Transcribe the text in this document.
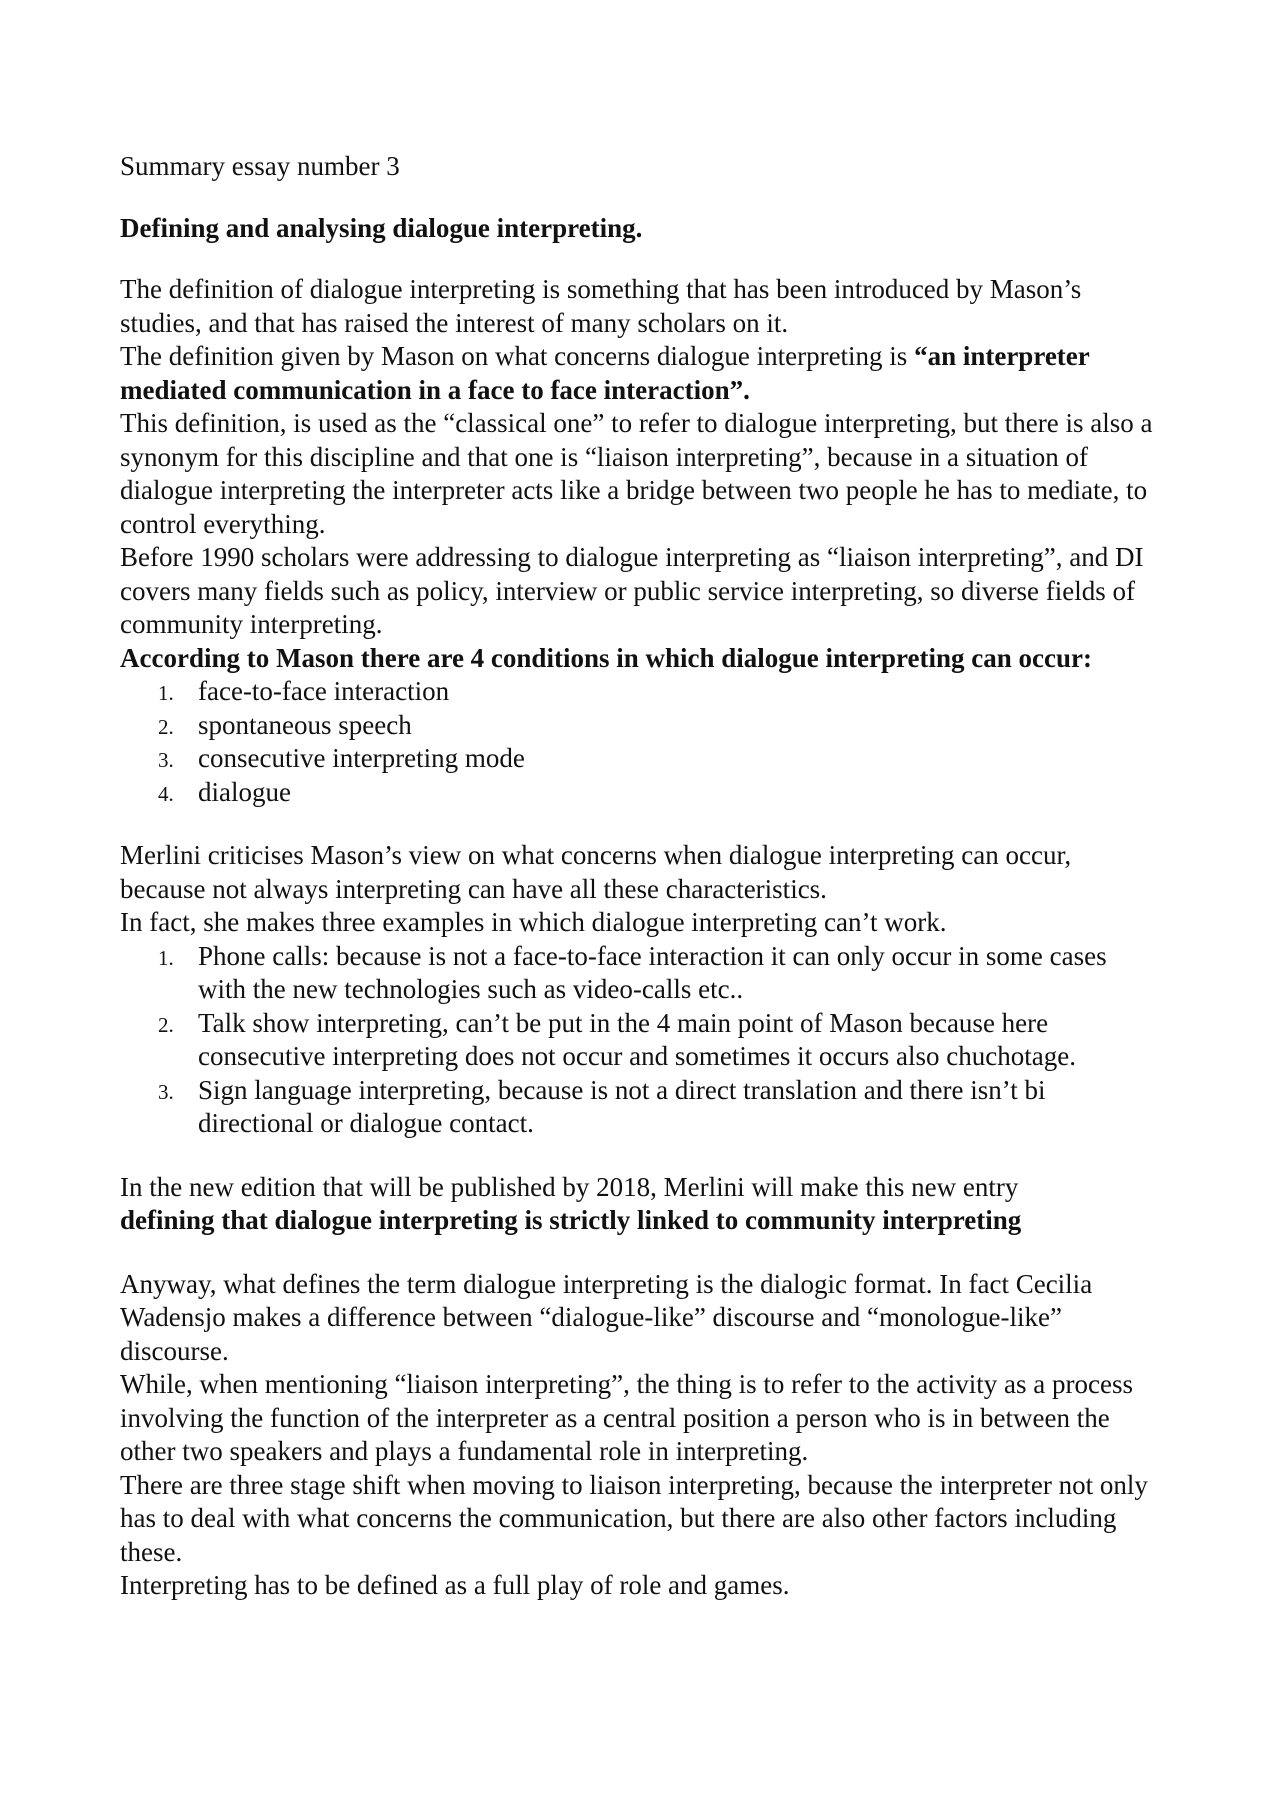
Summary essay number 3

Defining and analysing dialogue interpreting.

The definition of dialogue interpreting is something that has been introduced by Mason’s studies, and that has raised the interest of many scholars on it.

The definition given by Mason on what concerns dialogue interpreting is “an interpreter mediated communication in a face to face interaction”.

This definition, is used as the “classical one” to refer to dialogue interpreting, but there is also a synonym for this discipline and that one is “liaison interpreting”, because in a situation of dialogue interpreting the interpreter acts like a bridge between two people he has to mediate, to control everything.

Before 1990 scholars were addressing to dialogue interpreting as “liaison interpreting”, and DI covers many fields such as policy, interview or public service interpreting, so diverse fields of community interpreting.

According to Mason there are 4 conditions in which dialogue interpreting can occur:

1. face-to-face interaction
2. spontaneous speech
3. consecutive interpreting mode
4. dialogue

Merlini criticises Mason’s view on what concerns when dialogue interpreting can occur, because not always interpreting can have all these characteristics.

In fact, she makes three examples in which dialogue interpreting can’t work.

1. Phone calls: because is not a face-to-face interaction it can only occur in some cases with the new technologies such as video-calls etc..
2. Talk show interpreting, can’t be put in the 4 main point of Mason because here consecutive interpreting does not occur and sometimes it occurs also chuchotage.
3. Sign language interpreting, because is not a direct translation and there isn’t bi directional or dialogue contact.

In the new edition that will be published by 2018, Merlini will make this new entry

defining that dialogue interpreting is strictly linked to community interpreting

Anyway, what defines the term dialogue interpreting is the dialogic format. In fact Cecilia Wadensjo makes a difference between “dialogue-like” discourse and “monologue-like” discourse.

While, when mentioning “liaison interpreting”, the thing is to refer to the activity as a process involving the function of the interpreter as a central position a person who is in between the other two speakers and plays a fundamental role in interpreting.

There are three stage shift when moving to liaison interpreting, because the interpreter not only has to deal with what concerns the communication, but there are also other factors including these.

Interpreting has to be defined as a full play of role and games.
